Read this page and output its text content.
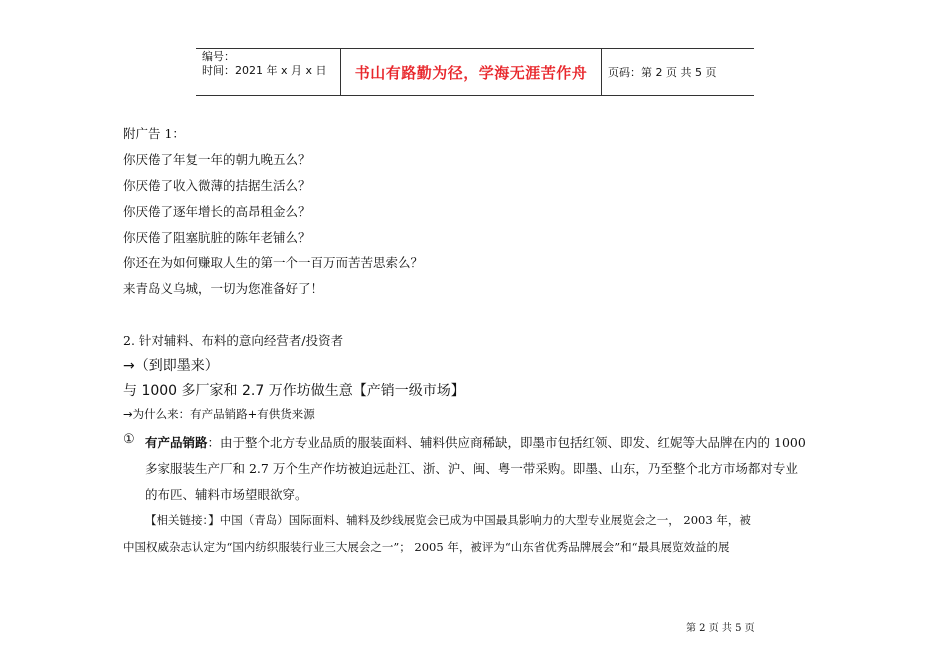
编号：
时间：2021 年 x 月 x 日	书山有路勤为径，学海无涯苦作舟	页码：第 2 页 共 5 页
附广告 1：
你厌倦了年复一年的朝九晚五么？
你厌倦了收入微薄的拮据生活么？
你厌倦了逐年增长的高昂租金么？
你厌倦了阻塞肮脏的陈年老铺么？
你还在为如何赚取人生的第一个一百万而苦苦思索么？
来青岛义乌城，一切为您准备好了！
2. 针对辅料、布料的意向经营者/投资者
→（到即墨来）
与 1000 多厂家和 2.7 万作坊做生意【产销一级市场】
→为什么来：有产品销路+有供货来源
① 有产品销路：由于整个北方专业品质的服装面料、辅料供应商稀缺，即墨市包括红领、即发、红妮等大品牌在内的 1000
多家服装生产厂和 2.7 万个生产作坊被迫远赴江、浙、沪、闽、粤一带采购。即墨、山东，乃至整个北方市场都对专业
的布匹、辅料市场望眼欲穿。
【相关链接：】中国（青岛）国际面料、辅料及纱线展览会已成为中国最具影响力的大型专业展览会之一， 2003 年，被
中国权威杂志认定为“国内纺织服装行业三大展会之一”； 2005 年，被评为“山东省优秀品牌展会”和“最具展览效益的展
第 2 页 共 5 页
